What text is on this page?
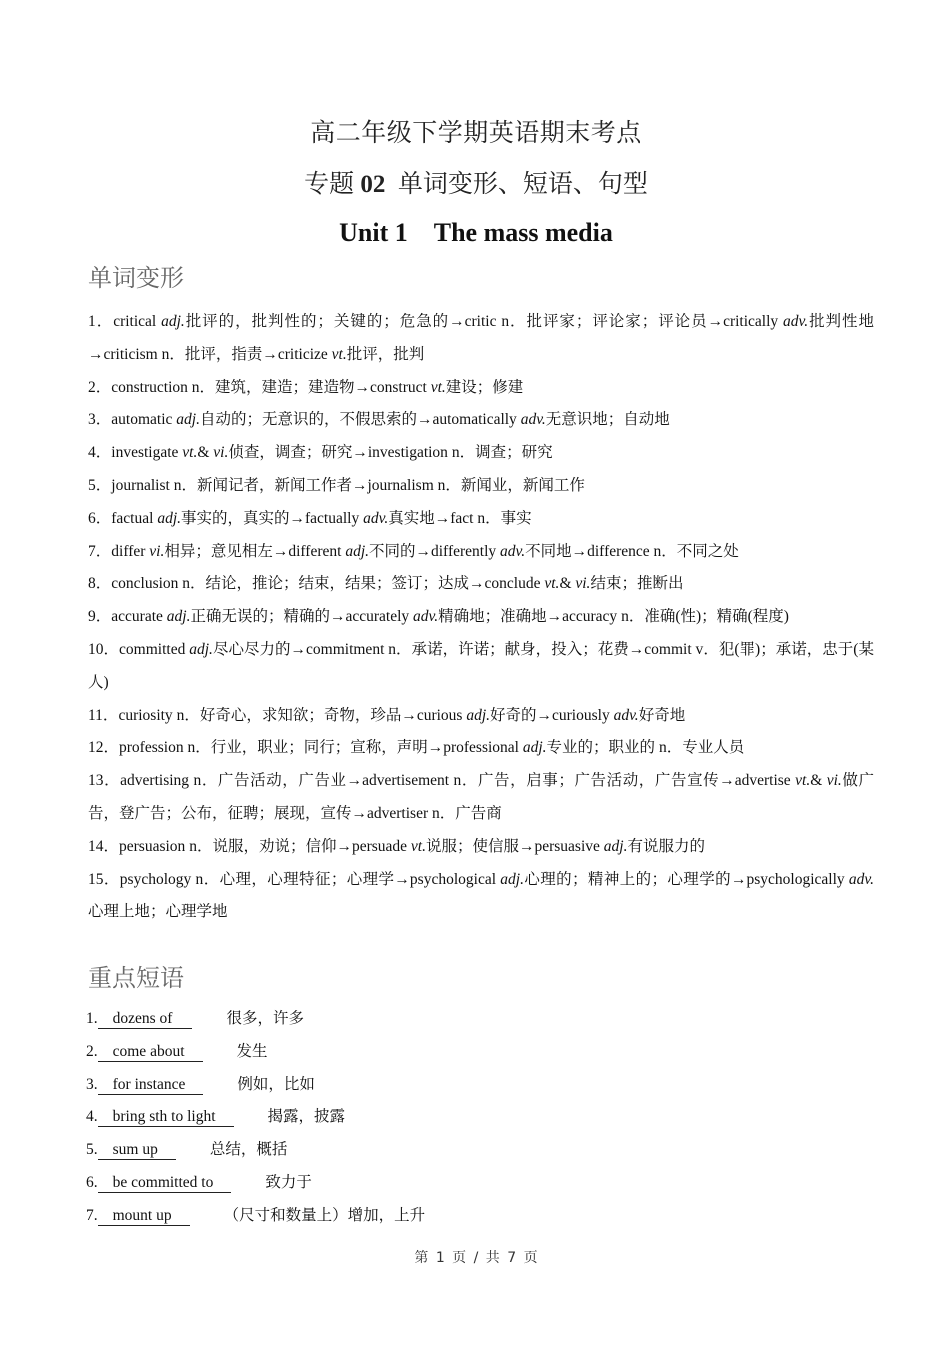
高二年级下学期英语期末考点
专题 02 单词变形、短语、句型
Unit 1　The mass media
单词变形

1．critical adj.批评的，批判性的；关键的；危急的→critic n．批评家；评论家；评论员→critically adv.批判性地→criticism n．批评，指责→criticize vt.批评，批判

2．construction n．建筑，建造；建造物→construct vt.建设；修建

3．automatic adj.自动的；无意识的，不假思索的→automatically adv.无意识地；自动地

4．investigate vt.& vi.侦查，调查；研究→investigation n．调查；研究

5．journalist n．新闻记者，新闻工作者→journalism n．新闻业，新闻工作

6．factual adj.事实的，真实的→factually adv.真实地→fact n．事实

7．differ vi.相异；意见相左→different adj.不同的→differently adv.不同地→difference n．不同之处

8．conclusion n．结论，推论；结束，结果；签订；达成→conclude vt.& vi.结束；推断出

9．accurate adj.正确无误的；精确的→accurately adv.精确地；准确地→accuracy n．准确(性)；精确(程度)

10．committed adj.尽心尽力的→commitment n．承诺，许诺；献身，投入；花费→commit v．犯(罪)；承诺，忠于(某人)

11．curiosity n．好奇心，求知欲；奇物，珍品→curious adj.好奇的→curiously adv.好奇地

12．profession n．行业，职业；同行；宣称，声明→professional adj.专业的；职业的 n．专业人员

13．advertising n．广告活动，广告业→advertisement n．广告，启事；广告活动，广告宣传→advertise vt.& vi.做广告，登广告；公布，征聘；展现，宣传→advertiser n．广告商

14．persuasion n．说服，劝说；信仰→persuade vt.说服；使信服→persuasive adj.有说服力的

15．psychology n．心理，心理特征；心理学→psychological adj.心理的；精神上的；心理学的→psychologically adv.心理上地；心理学地

重点短语
1. dozens of	很多，许多
2. come about	发生
3. for instance	例如，比如
4. bring sth to light	揭露，披露
5. sum up	总结，概括
6. be committed to	致力于
7. mount up	（尺寸和数量上）增加，上升
第 1 页 / 共 7 页
